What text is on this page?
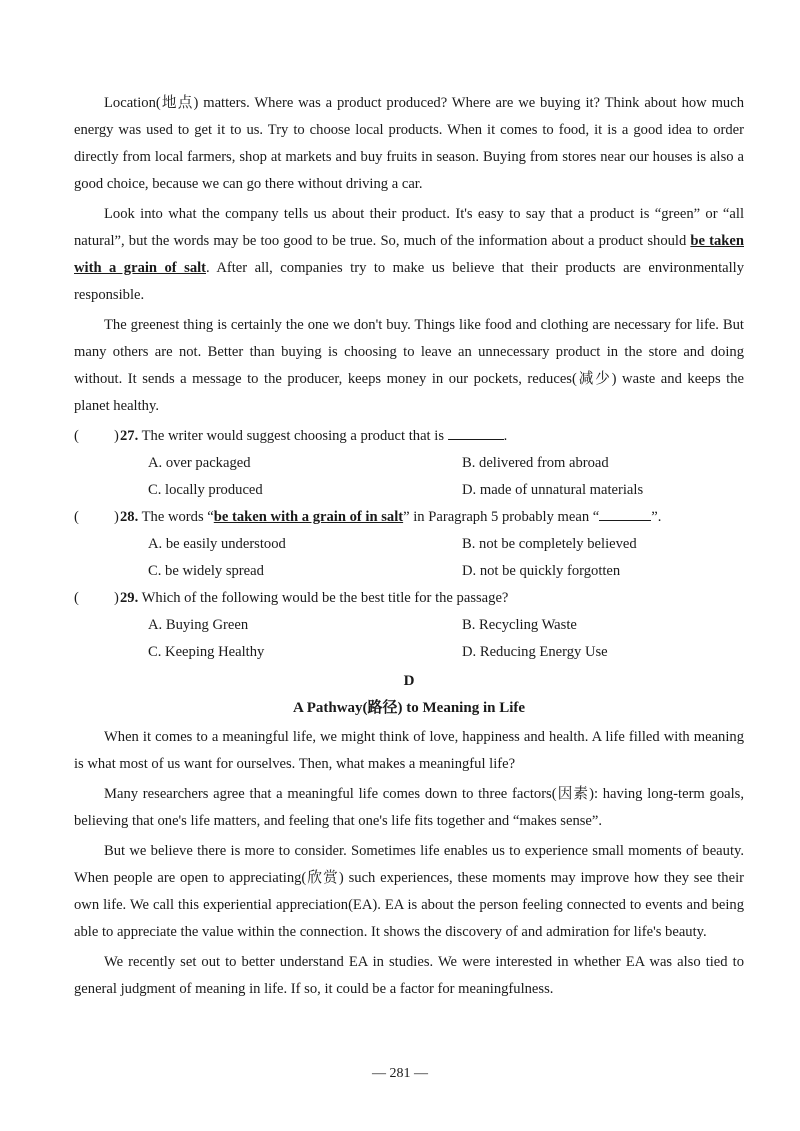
Location(地点) matters. Where was a product produced? Where are we buying it? Think about how much energy was used to get it to us. Try to choose local products. When it comes to food, it is a good idea to order directly from local farmers, shop at markets and buy fruits in season. Buying from stores near our houses is also a good choice, because we can go there without driving a car.

Look into what the company tells us about their product. It's easy to say that a product is “green” or “all natural”, but the words may be too good to be true. So, much of the information about a product should be taken with a grain of salt. After all, companies try to make us believe that their products are environmentally responsible.

The greenest thing is certainly the one we don't buy. Things like food and clothing are necessary for life. But many others are not. Better than buying is choosing to leave an unnecessary product in the store and doing without. It sends a message to the producer, keeps money in our pockets, reduces(减少) waste and keeps the planet healthy.

( ) 27. The writer would suggest choosing a product that is	.
A. over packaged	B. delivered from abroad
C. locally produced	D. made of unnatural materials
( ) 28. The words “be taken with a grain of in salt” in Paragraph 5 probably mean “	”.
A. be easily understood	B. not be completely believed
C. be widely spread	D. not be quickly forgotten
( ) 29. Which of the following would be the best title for the passage?
A. Buying Green	B. Recycling Waste
C. Keeping Healthy	D. Reducing Energy Use
D
A Pathway(路径) to Meaning in Life

When it comes to a meaningful life, we might think of love, happiness and health. A life filled with meaning is what most of us want for ourselves. Then, what makes a meaningful life?

Many researchers agree that a meaningful life comes down to three factors(因素): having long-term goals, believing that one's life matters, and feeling that one's life fits together and “makes sense”.

But we believe there is more to consider. Sometimes life enables us to experience small moments of beauty. When people are open to appreciating(欣赏) such experiences, these moments may improve how they see their own life. We call this experiential appreciation(EA). EA is about the person feeling connected to events and being able to appreciate the value within the connection. It shows the discovery of and admiration for life's beauty.

We recently set out to better understand EA in studies. We were interested in whether EA was also tied to general judgment of meaning in life. If so, it could be a factor for meaningfulness.

— 281 —
